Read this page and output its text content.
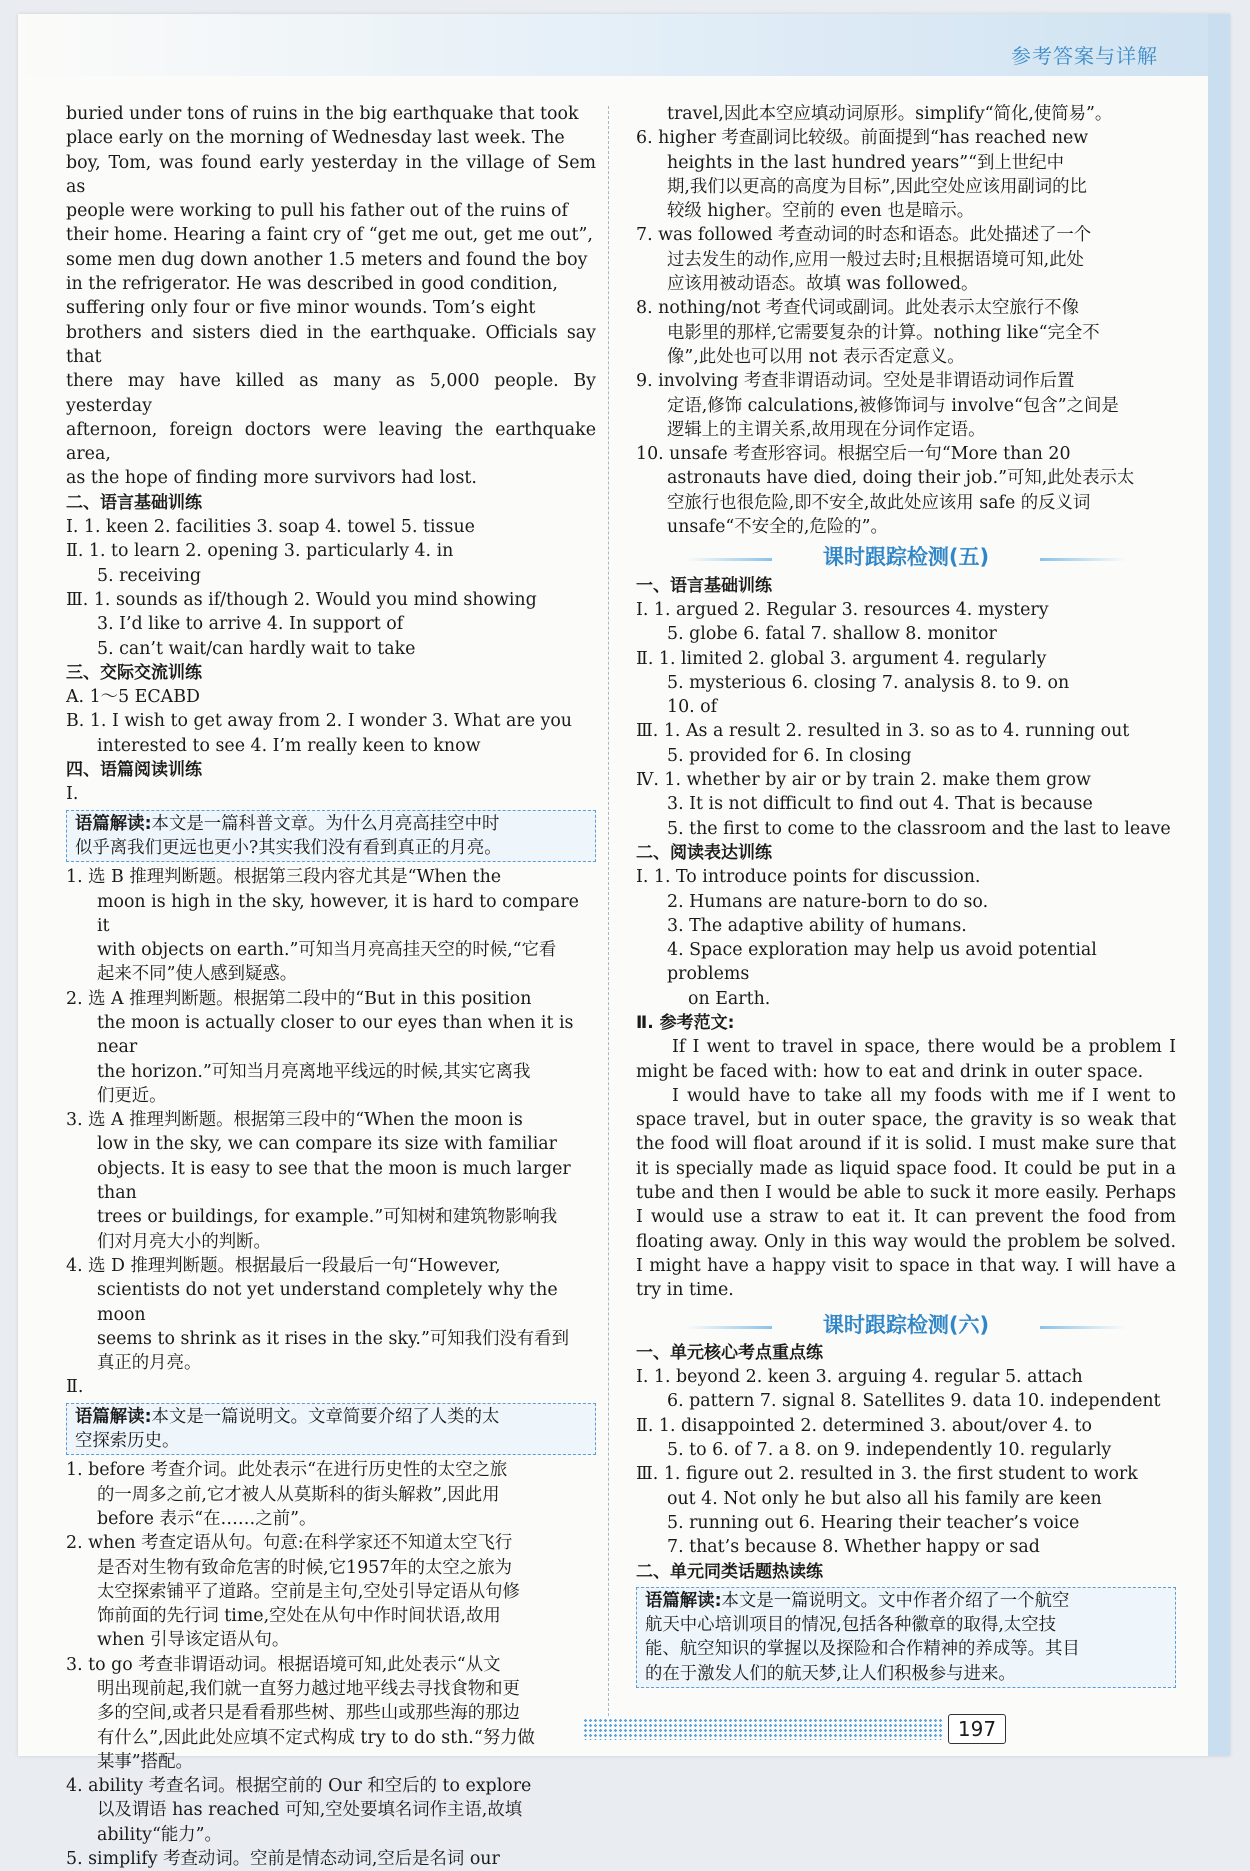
参考答案与详解

buried under tons of ruins in the big earthquake that took
place early on the morning of Wednesday last week. The
boy, Tom, was found early yesterday in the village of Sem as
people were working to pull his father out of the ruins of
their home. Hearing a faint cry of “get me out, get me out”,
some men dug down another 1.5 meters and found the boy
in the refrigerator. He was described in good condition,
suffering only four or five minor wounds. Tom’s eight
brothers and sisters died in the earthquake. Officials say that
there may have killed as many as 5,000 people. By yesterday
afternoon, foreign doctors were leaving the earthquake area,
as the hope of finding more survivors had lost.

二、语言基础训练
Ⅰ. 1. keen 2. facilities 3. soap 4. towel 5. tissue
Ⅱ. 1. to learn 2. opening 3. particularly 4. in
5. receiving
Ⅲ. 1. sounds as if/though 2. Would you mind showing
3. I’d like to arrive 4. In support of
5. can’t wait/can hardly wait to take
三、交际交流训练
A. 1～5 ECABD
B. 1. I wish to get away from 2. I wonder 3. What are you
interested to see 4. I’m really keen to know
四、语篇阅读训练
Ⅰ.
语篇解读:本文是一篇科普文章。为什么月亮高挂空中时
似乎离我们更远也更小?其实我们没有看到真正的月亮。
1. 选 B 推理判断题。根据第三段内容尤其是“When the
moon is high in the sky, however, it is hard to compare it
with objects on earth.”可知当月亮高挂天空的时候,“它看
起来不同”使人感到疑惑。
2. 选 A 推理判断题。根据第二段中的“But in this position
the moon is actually closer to our eyes than when it is near
the horizon.”可知当月亮离地平线远的时候,其实它离我
们更近。
3. 选 A 推理判断题。根据第三段中的“When the moon is
low in the sky, we can compare its size with familiar
objects. It is easy to see that the moon is much larger than
trees or buildings, for example.”可知树和建筑物影响我
们对月亮大小的判断。
4. 选 D 推理判断题。根据最后一段最后一句“However,
scientists do not yet understand completely why the moon
seems to shrink as it rises in the sky.”可知我们没有看到
真正的月亮。
Ⅱ.
语篇解读:本文是一篇说明文。文章简要介绍了人类的太
空探索历史。
1. before 考查介词。此处表示“在进行历史性的太空之旅
的一周多之前,它才被人从莫斯科的街头解救”,因此用
before 表示“在……之前”。
2. when 考查定语从句。句意:在科学家还不知道太空飞行
是否对生物有致命危害的时候,它1957年的太空之旅为
太空探索铺平了道路。空前是主句,空处引导定语从句修
饰前面的先行词 time,空处在从句中作时间状语,故用
when 引导该定语从句。
3. to go 考查非谓语动词。根据语境可知,此处表示“从文
明出现前起,我们就一直努力越过地平线去寻找食物和更
多的空间,或者只是看看那些树、那些山或那些海的那边
有什么”,因此此处应填不定式构成 try to do sth.“努力做
某事”搭配。
4. ability 考查名词。根据空前的 Our 和空后的 to explore
以及谓语 has reached 可知,空处要填名词作主语,故填
ability“能力”。
5. simplify 考查动词。空前是情态动词,空后是名词 our
travel,因此本空应填动词原形。simplify“简化,使简易”。
6. higher 考查副词比较级。前面提到“has reached new
heights in the last hundred years”“到上世纪中
期,我们以更高的高度为目标”,因此空处应该用副词的比
较级 higher。空前的 even 也是暗示。
7. was followed 考查动词的时态和语态。此处描述了一个
过去发生的动作,应用一般过去时;且根据语境可知,此处
应该用被动语态。故填 was followed。
8. nothing/not 考查代词或副词。此处表示太空旅行不像
电影里的那样,它需要复杂的计算。nothing like“完全不
像”,此处也可以用 not 表示否定意义。
9. involving 考查非谓语动词。空处是非谓语动词作后置
定语,修饰 calculations,被修饰词与 involve“包含”之间是
逻辑上的主谓关系,故用现在分词作定语。
10. unsafe 考查形容词。根据空后一句“More than 20
astronauts have died, doing their job.”可知,此处表示太
空旅行也很危险,即不安全,故此处应该用 safe 的反义词
unsafe“不安全的,危险的”。
课时跟踪检测(五)
一、语言基础训练
Ⅰ. 1. argued 2. Regular 3. resources 4. mystery
5. globe 6. fatal 7. shallow 8. monitor
Ⅱ. 1. limited 2. global 3. argument 4. regularly
5. mysterious 6. closing 7. analysis 8. to 9. on
10. of
Ⅲ. 1. As a result 2. resulted in 3. so as to 4. running out
5. provided for 6. In closing
Ⅳ. 1. whether by air or by train 2. make them grow
3. It is not difficult to find out 4. That is because
5. the first to come to the classroom and the last to leave
二、阅读表达训练
Ⅰ. 1. To introduce points for discussion.
2. Humans are nature-born to do so.
3. The adaptive ability of humans.
4. Space exploration may help us avoid potential problems
on Earth.
Ⅱ. 参考范文:

If I went to travel in space, there would be a problem I might be faced with: how to eat and drink in outer space.

I would have to take all my foods with me if I went to space travel, but in outer space, the gravity is so weak that the food will float around if it is solid. I must make sure that it is specially made as liquid space food. It could be put in a tube and then I would be able to suck it more easily. Perhaps I would use a straw to eat it. It can prevent the food from floating away. Only in this way would the problem be solved. I might have a happy visit to space in that way. I will have a try in time.

课时跟踪检测(六)
一、单元核心考点重点练
Ⅰ. 1. beyond 2. keen 3. arguing 4. regular 5. attach
6. pattern 7. signal 8. Satellites 9. data 10. independent
Ⅱ. 1. disappointed 2. determined 3. about/over 4. to
5. to 6. of 7. a 8. on 9. independently 10. regularly
Ⅲ. 1. figure out 2. resulted in 3. the first student to work
out 4. Not only he but also all his family are keen
5. running out 6. Hearing their teacher’s voice
7. that’s because 8. Whether happy or sad
二、单元同类话题热读练
语篇解读:本文是一篇说明文。文中作者介绍了一个航空
航天中心培训项目的情况,包括各种徽章的取得,太空技
能、航空知识的掌握以及探险和合作精神的养成等。其目
的在于激发人们的航天梦,让人们积极参与进来。
197
